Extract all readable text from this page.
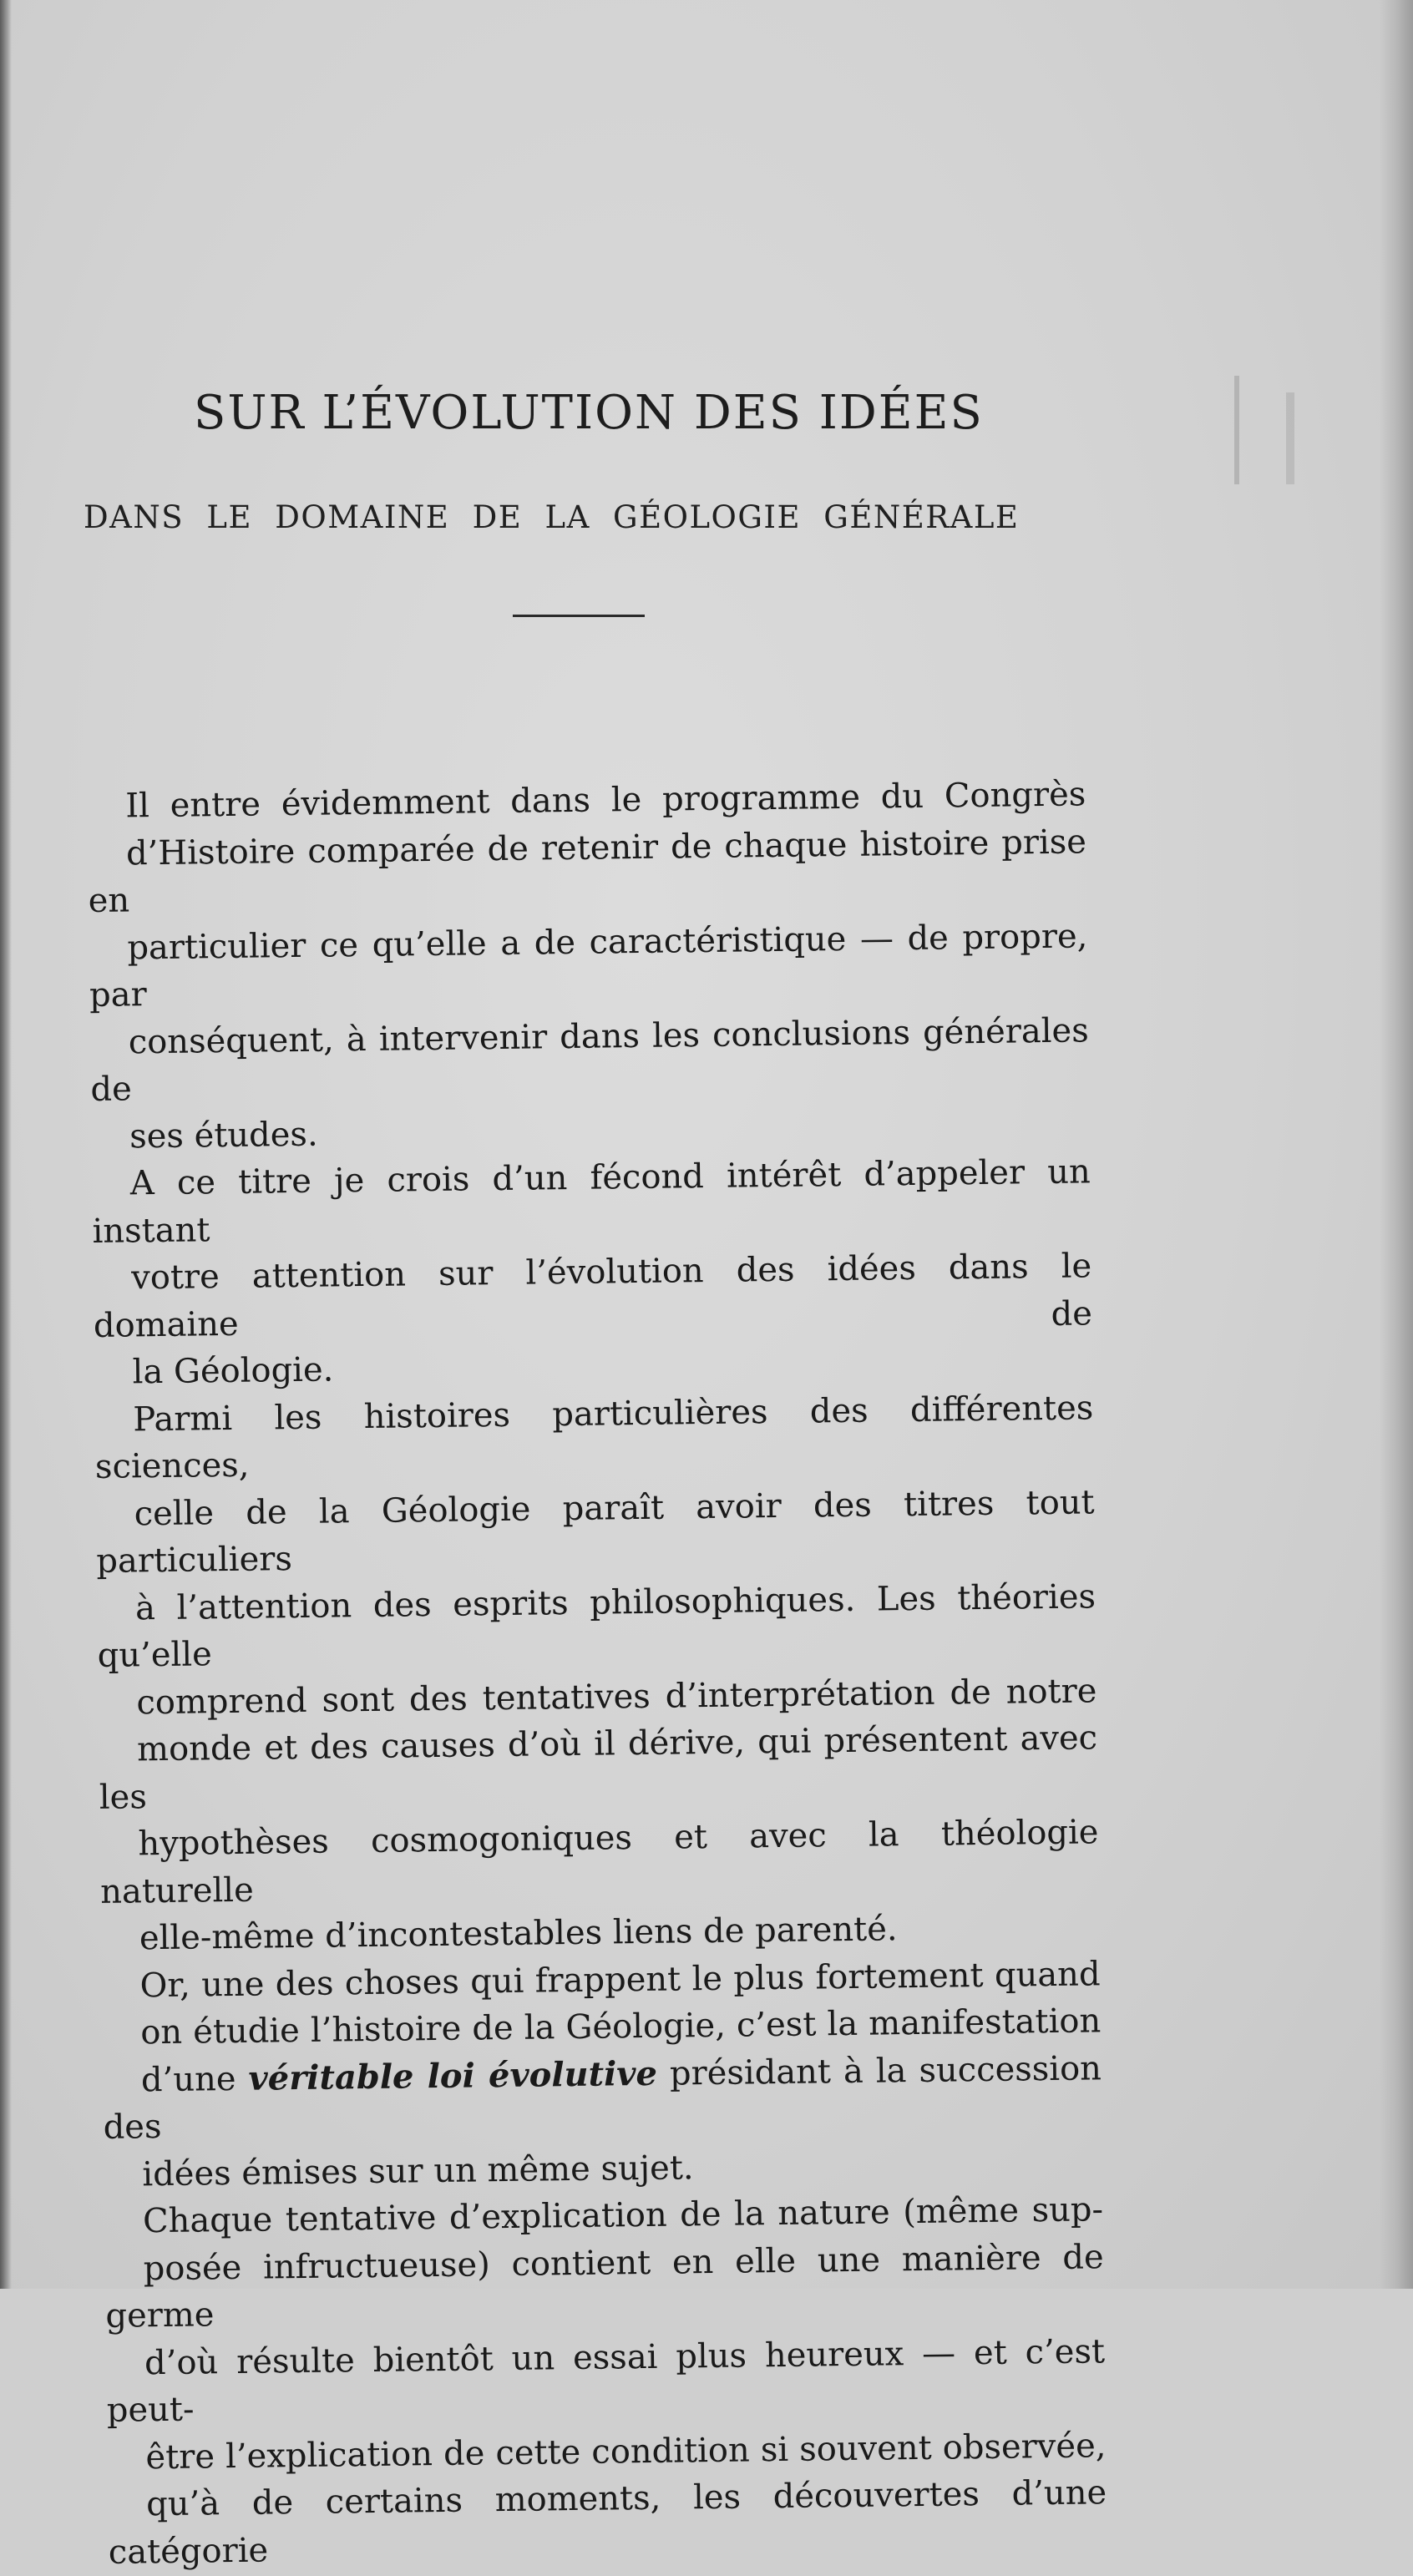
SUR L’ÉVOLUTION DES IDÉES
DANS LE DOMAINE DE LA GÉOLOGIE GÉNÉRALE

Il entre évidemment dans le programme du Congrès
d’Histoire comparée de retenir de chaque histoire prise en
particulier ce qu’elle a de caractéristique — de propre, par
conséquent, à intervenir dans les conclusions générales de
ses études.

A ce titre je crois d’un fécond intérêt d’appeler un instant
votre attention sur l’évolution des idées dans le domaine de
la Géologie.

Parmi les histoires particulières des différentes sciences,
celle de la Géologie paraît avoir des titres tout particuliers
à l’attention des esprits philosophiques. Les théories qu’elle
comprend sont des tentatives d’interprétation de notre
monde et des causes d’où il dérive, qui présentent avec les
hypothèses cosmogoniques et avec la théologie naturelle
elle-même d’incontestables liens de parenté.

Or, une des choses qui frappent le plus fortement quand
on étudie l’histoire de la Géologie, c’est la manifestation
d’une véritable loi évolutive présidant à la succession des
idées émises sur un même sujet.

Chaque tentative d’explication de la nature (même sup-
posée infructueuse) contient en elle une manière de germe
d’où résulte bientôt un essai plus heureux — et c’est peut-
être l’explication de cette condition si souvent observée,
qu’à de certains moments, les découvertes d’une catégorie
